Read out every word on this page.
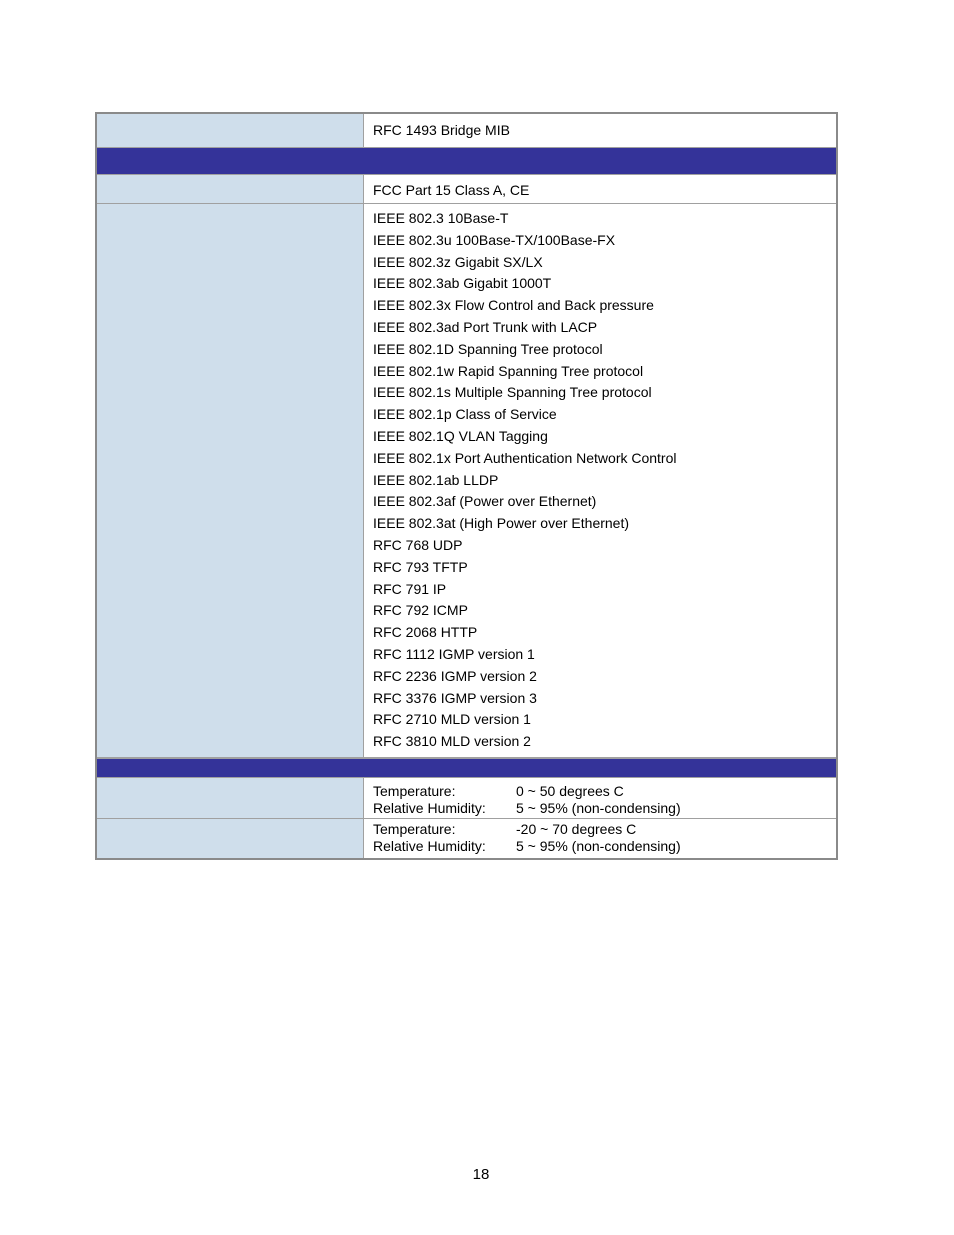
RFC 1493 Bridge MIB
FCC Part 15 Class A, CE
IEEE 802.3 10Base-T
IEEE 802.3u 100Base-TX/100Base-FX
IEEE 802.3z Gigabit SX/LX
IEEE 802.3ab Gigabit 1000T
IEEE 802.3x Flow Control and Back pressure
IEEE 802.3ad Port Trunk with LACP
IEEE 802.1D Spanning Tree protocol
IEEE 802.1w Rapid Spanning Tree protocol
IEEE 802.1s Multiple Spanning Tree protocol
IEEE 802.1p Class of Service
IEEE 802.1Q VLAN Tagging
IEEE 802.1x Port Authentication Network Control
IEEE 802.1ab LLDP
IEEE 802.3af (Power over Ethernet)
IEEE 802.3at (High Power over Ethernet)
RFC 768 UDP
RFC 793 TFTP
RFC 791 IP
RFC 792 ICMP
RFC 2068 HTTP
RFC 1112 IGMP version 1
RFC 2236 IGMP version 2
RFC 3376 IGMP version 3
RFC 2710 MLD version 1
RFC 3810 MLD version 2
Temperature:	0 ~ 50 degrees C
Relative Humidity:	5 ~ 95% (non-condensing)
Temperature:	-20 ~ 70 degrees C
Relative Humidity:	5 ~ 95% (non-condensing)
18
